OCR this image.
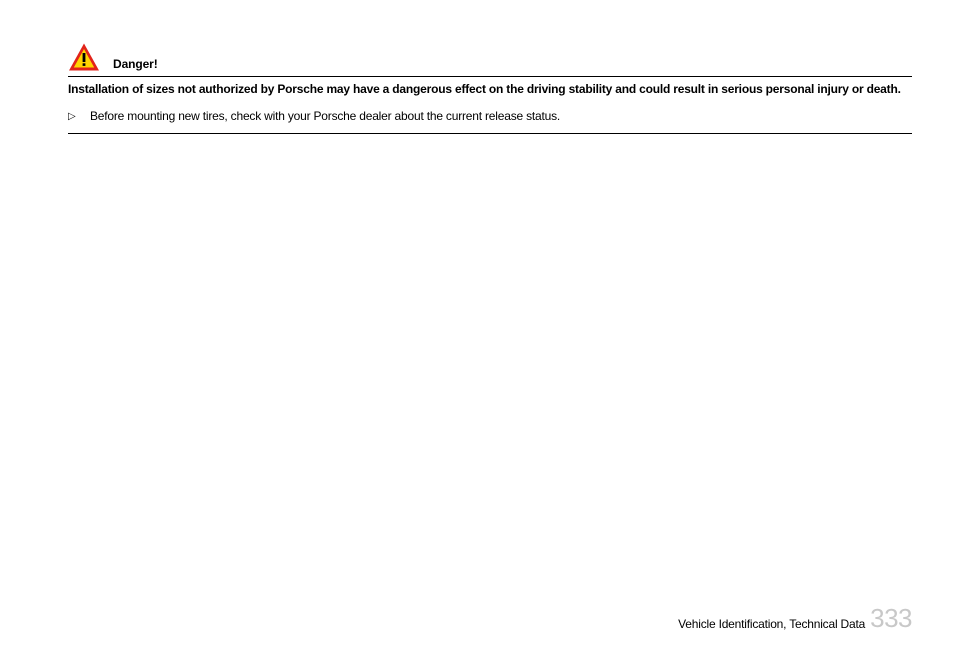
Danger!
Installation of sizes not authorized by Porsche may have a dangerous effect on the driving stability and could result in serious personal injury or death.
▷	Before mounting new tires, check with your Porsche dealer about the current release status.
Vehicle Identification, Technical Data 333
